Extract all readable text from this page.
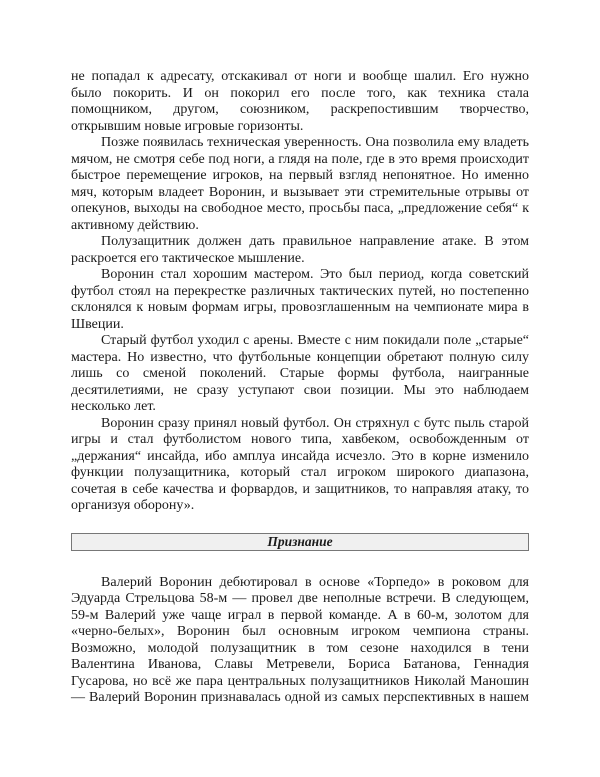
не попадал к адресату, отскакивал от ноги и вообще шалил. Его нужно
было покорить. И он покорил его после того, как техника стала
помощником, другом, союзником, раскрепостившим творчество,
открывшим новые игровые горизонты.
Позже появилась техническая уверенность. Она позволила ему владеть
мячом, не смотря себе под ноги, а глядя на поле, где в это время происходит
быстрое перемещение игроков, на первый взгляд непонятное. Но именно
мяч, которым владеет Воронин, и вызывает эти стремительные отрывы от
опекунов, выходы на свободное место, просьбы паса, „предложение себя“ к
активному действию.
Полузащитник должен дать правильное направление атаке. В этом
раскроется его тактическое мышление.
Воронин стал хорошим мастером. Это был период, когда советский
футбол стоял на перекрестке различных тактических путей, но постепенно
склонялся к новым формам игры, провозглашенным на чемпионате мира в
Швеции.
Старый футбол уходил с арены. Вместе с ним покидали поле „старые“
мастера. Но известно, что футбольные концепции обретают полную силу
лишь со сменой поколений. Старые формы футбола, наигранные
десятилетиями, не сразу уступают свои позиции. Мы это наблюдаем
несколько лет.
Воронин сразу принял новый футбол. Он стряхнул с бутс пыль старой
игры и стал футболистом нового типа, хавбеком, освобожденным от
„держания“ инсайда, ибо амплуа инсайда исчезло. Это в корне изменило
функции полузащитника, который стал игроком широкого диапазона,
сочетая в себе качества и форвардов, и защитников, то направляя атаку, то
организуя оборону».
Признание
Валерий Воронин дебютировал в основе «Торпедо» в роковом для
Эдуарда Стрельцова 58-м — провел две неполные встречи. В следующем,
59-м Валерий уже чаще играл в первой команде. А в 60-м, золотом для
«черно-белых», Воронин был основным игроком чемпиона страны.
Возможно, молодой полузащитник в том сезоне находился в тени
Валентина Иванова, Славы Метревели, Бориса Батанова, Геннадия
Гусарова, но всё же пара центральных полузащитников Николай Маношин
— Валерий Воронин признавалась одной из самых перспективных в нашем
